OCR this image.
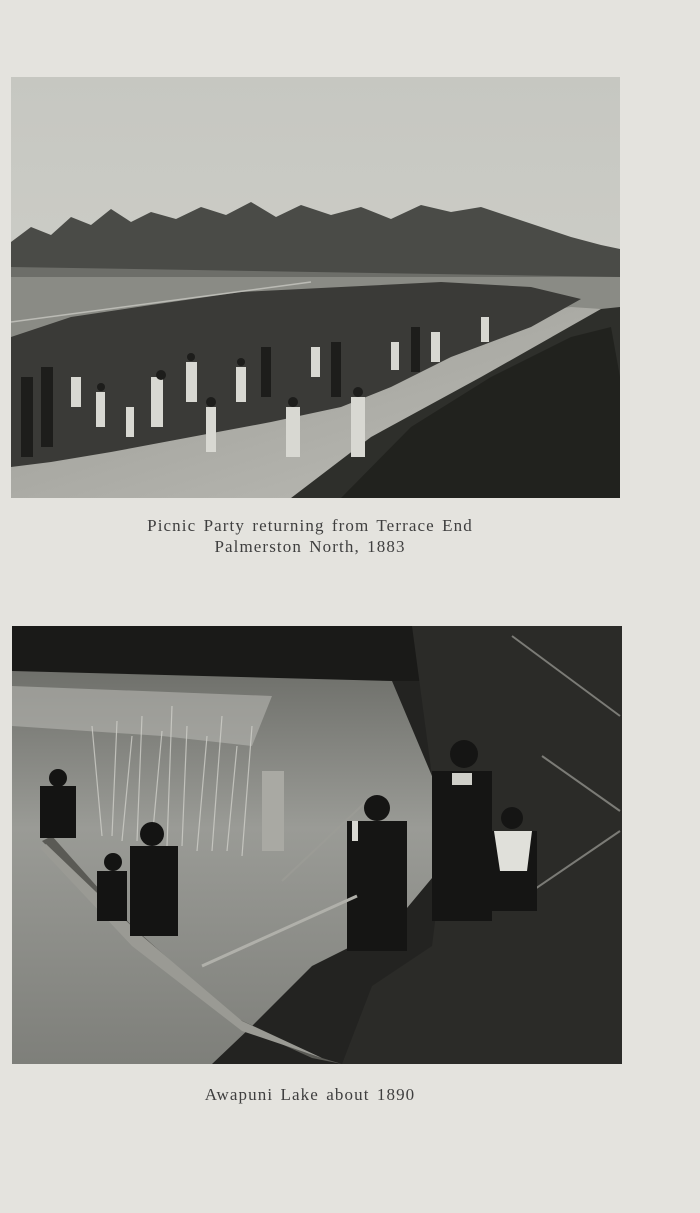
Picnic Party returning from Terrace End
Palmerston North, 1883
Awapuni Lake about 1890
